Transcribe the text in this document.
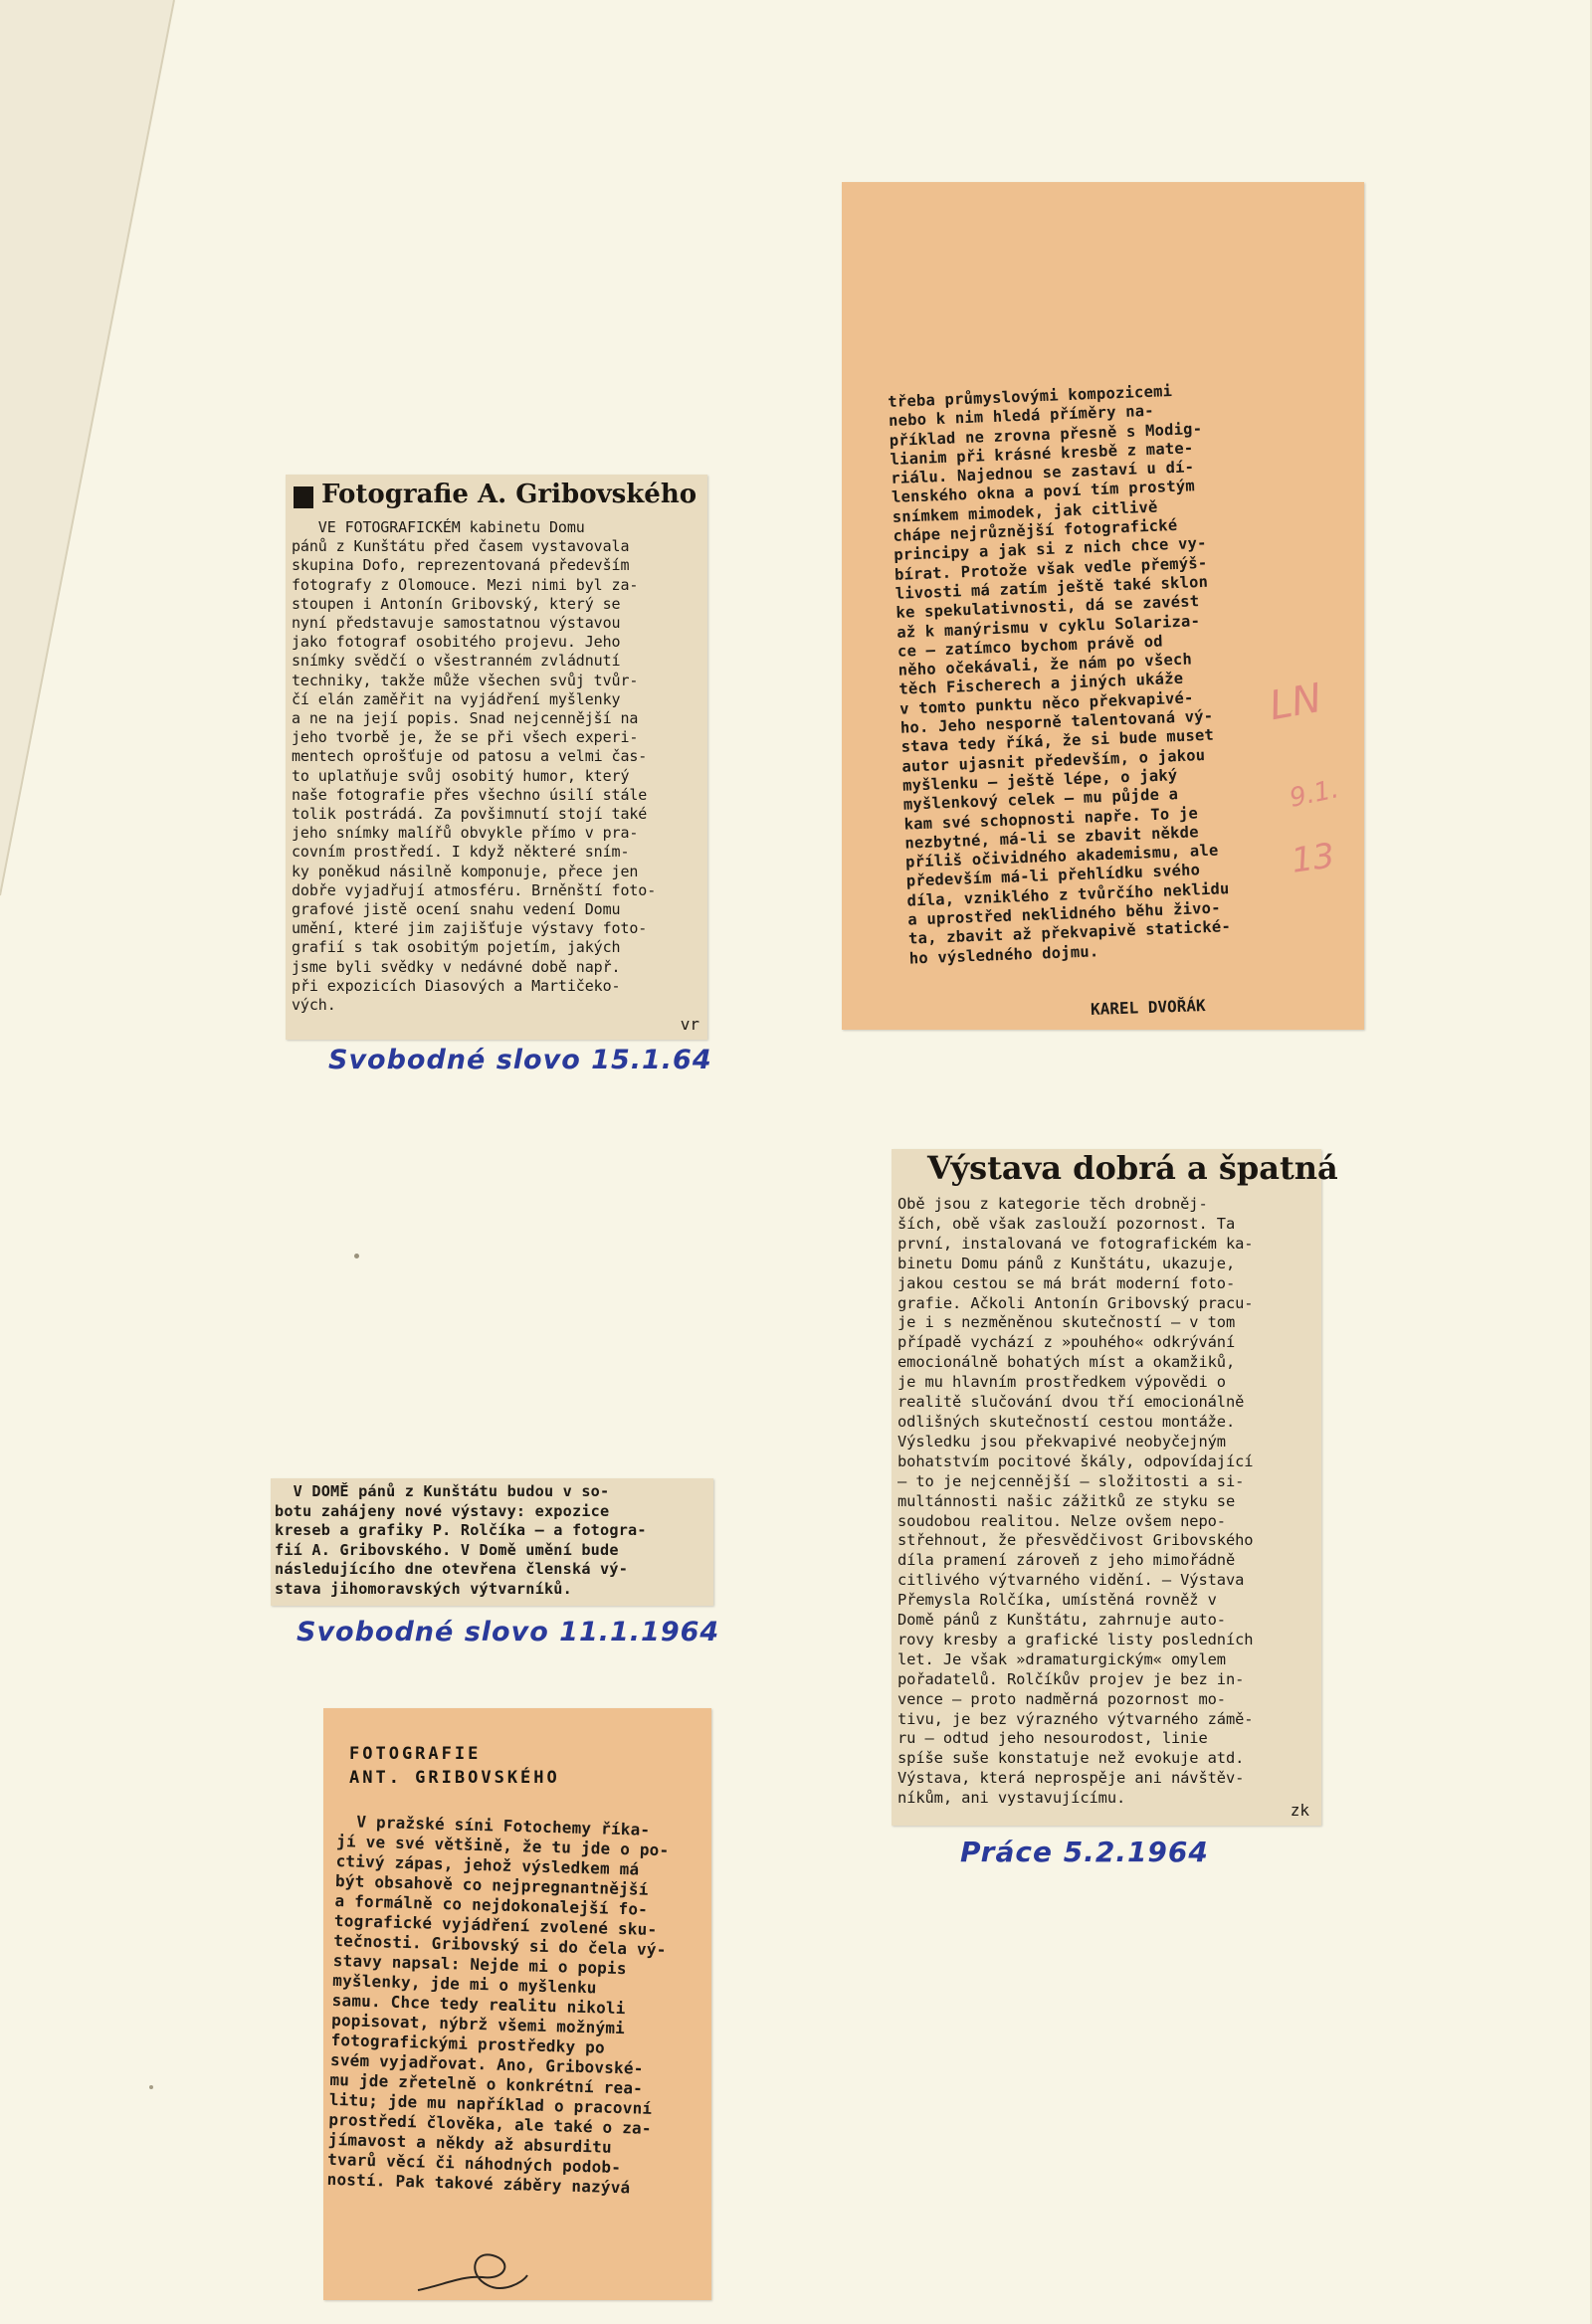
Fotografie A. Gribovského
VE FOTOGRAFICKÉM kabinetu Domu
pánů z Kunštátu před časem vystavovala
skupina Dofo, reprezentovaná především
fotografy z Olomouce. Mezi nimi byl za-
stoupen i Antonín Gribovský, který se
nyní představuje samostatnou výstavou
jako fotograf osobitého projevu. Jeho
snímky svědčí o všestranném zvládnutí
techniky, takže může všechen svůj tvůr-
čí elán zaměřit na vyjádření myšlenky
a ne na její popis. Snad nejcennější na
jeho tvorbě je, že se při všech experi-
mentech oprošťuje od patosu a velmi čas-
to uplatňuje svůj osobitý humor, který
naše fotografie přes všechno úsilí stále
tolik postrádá. Za povšimnutí stojí také
jeho snímky malířů obvykle přímo v pra-
covním prostředí. I když některé sním-
ky poněkud násilně komponuje, přece jen
dobře vyjadřují atmosféru. Brněnští foto-
grafové jistě ocení snahu vedení Domu
umění, které jim zajišťuje výstavy foto-
grafií s tak osobitým pojetím, jakých
jsme byli svědky v nedávné době např.
při expozicích Diasových a Martičeko-
vých.
vr
Svobodné slovo 15.1.64
třeba průmyslovými kompozicemi
nebo k nim hledá příměry na-
příklad ne zrovna přesně s Modig-
lianim při krásné kresbě z mate-
riálu. Najednou se zastaví u dí-
lenského okna a poví tím prostým
snímkem mimodek, jak citlivě
chápe nejrůznější fotografické
principy a jak si z nich chce vy-
bírat. Protože však vedle přemýš-
livosti má zatím ještě také sklon
ke spekulativnosti, dá se zavést
až k manýrismu v cyklu Solariza-
ce — zatímco bychom právě od
něho očekávali, že nám po všech
těch Fischerech a jiných ukáže
v tomto punktu něco překvapivé-
ho. Jeho nesporně talentovaná vý-
stava tedy říká, že si bude muset
autor ujasnit především, o jakou
myšlenku — ještě lépe, o jaký
myšlenkový celek — mu půjde a
kam své schopnosti napře. To je
nezbytné, má-li se zbavit někde
příliš očividného akademismu, ale
především má-li přehlídku svého
díla, vzniklého z tvůrčího neklidu
a uprostřed neklidného běhu živo-
ta, zbavit až překvapivě statické-
ho výsledného dojmu.
KAREL DVOŘÁK
LN
9.1.
13
Výstava dobrá a špatná
Obě jsou z kategorie těch drobněj-
ších, obě však zaslouží pozornost. Ta
první, instalovaná ve fotografickém ka-
binetu Domu pánů z Kunštátu, ukazuje,
jakou cestou se má brát moderní foto-
grafie. Ačkoli Antonín Gribovský pracu-
je i s nezměněnou skutečností — v tom
případě vychází z »pouhého« odkrývání
emocionálně bohatých míst a okamžiků,
je mu hlavním prostředkem výpovědi o
realitě slučování dvou tří emocionálně
odlišných skutečností cestou montáže.
Výsledku jsou překvapivé neobyčejným
bohatstvím pocitové škály, odpovídající
— to je nejcennější — složitosti a si-
multánnosti našic zážitků ze styku se
soudobou realitou. Nelze ovšem nepo-
střehnout, že přesvědčivost Gribovského
díla pramení zároveň z jeho mimořádně
citlivého výtvarného vidění. — Výstava
Přemysla Rolčíka, umístěná rovněž v
Domě pánů z Kunštátu, zahrnuje auto-
rovy kresby a grafické listy posledních
let. Je však »dramaturgickým« omylem
pořadatelů. Rolčíkův projev je bez in-
vence — proto nadměrná pozornost mo-
tivu, je bez výrazného výtvarného zámě-
ru — odtud jeho nesourodost, linie
spíše suše konstatuje než evokuje atd.
Výstava, která neprospěje ani návštěv-
níkům, ani vystavujícímu.
zk
Práce 5.2.1964
V DOMĚ pánů z Kunštátu budou v so-
botu zahájeny nové výstavy: expozice
kreseb a grafiky P. Rolčíka — a fotogra-
fií A. Gribovského. V Domě umění bude
následujícího dne otevřena členská vý-
stava jihomoravských výtvarníků.
Svobodné slovo 11.1.1964
FOTOGRAFIE
ANT. GRIBOVSKÉHO
V pražské síni Fotochemy říka-
jí ve své většině, že tu jde o po-
ctivý zápas, jehož výsledkem má
být obsahově co nejpregnantnější
a formálně co nejdokonalejší fo-
tografické vyjádření zvolené sku-
tečnosti. Gribovský si do čela vý-
stavy napsal: Nejde mi o popis
myšlenky, jde mi o myšlenku
samu. Chce tedy realitu nikoli
popisovat, nýbrž všemi možnými
fotografickými prostředky po
svém vyjadřovat. Ano, Gribovské-
mu jde zřetelně o konkrétní rea-
litu; jde mu například o pracovní
prostředí člověka, ale také o za-
jímavost a někdy až absurditu
tvarů věcí či náhodných podob-
ností. Pak takové záběry nazývá
